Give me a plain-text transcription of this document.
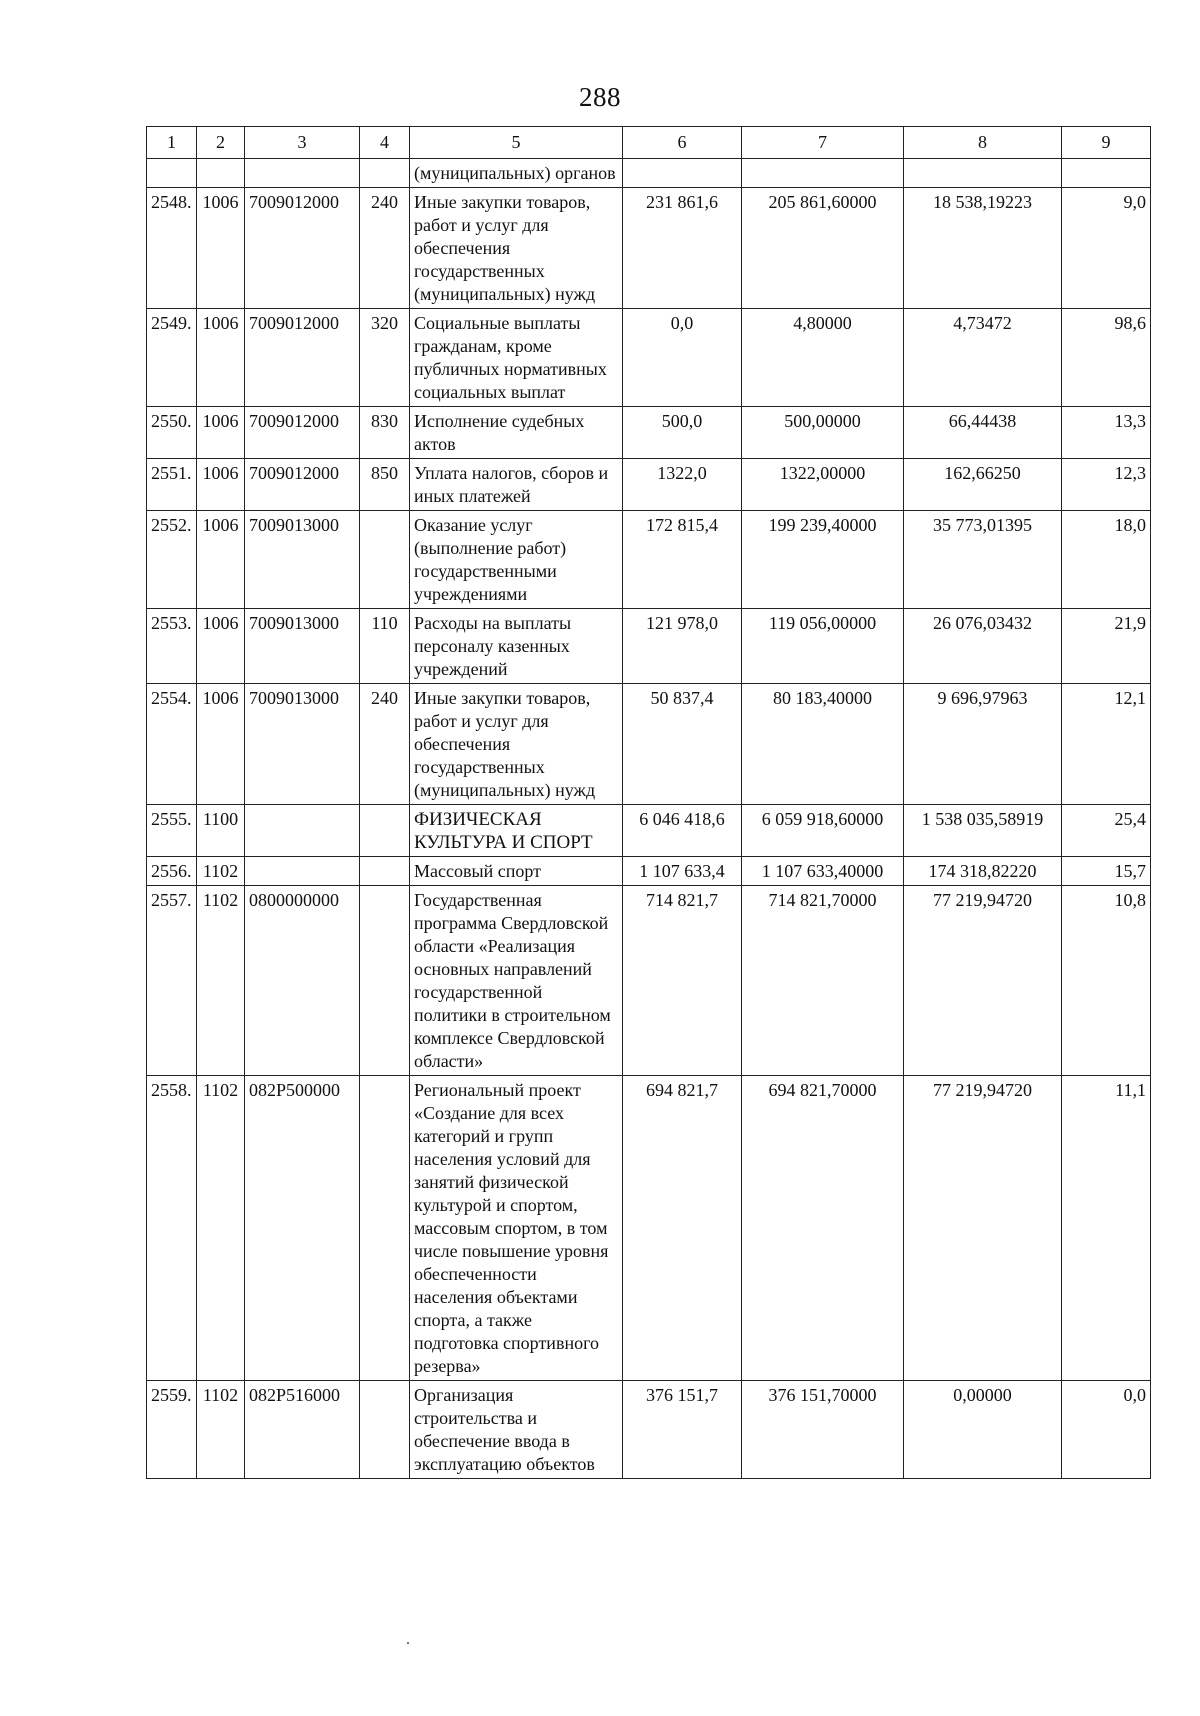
288
1	2	3	4	5	6	7	8	9
				(муниципальных) органов				
2548.	1006	7009012000	240	Иные закупки товаров, работ и услуг для обеспечения государственных (муниципальных) нужд	231 861,6	205 861,60000	18 538,19223	9,0
2549.	1006	7009012000	320	Социальные выплаты гражданам, кроме публичных нормативных социальных выплат	0,0	4,80000	4,73472	98,6
2550.	1006	7009012000	830	Исполнение судебных актов	500,0	500,00000	66,44438	13,3
2551.	1006	7009012000	850	Уплата налогов, сборов и иных платежей	1322,0	1322,00000	162,66250	12,3
2552.	1006	7009013000		Оказание услуг (выполнение работ) государственными учреждениями	172 815,4	199 239,40000	35 773,01395	18,0
2553.	1006	7009013000	110	Расходы на выплаты персоналу казенных учреждений	121 978,0	119 056,00000	26 076,03432	21,9
2554.	1006	7009013000	240	Иные закупки товаров, работ и услуг для обеспечения государственных (муниципальных) нужд	50 837,4	80 183,40000	9 696,97963	12,1
2555.	1100			ФИЗИЧЕСКАЯ КУЛЬТУРА И СПОРТ	6 046 418,6	6 059 918,60000	1 538 035,58919	25,4
2556.	1102			Массовый спорт	1 107 633,4	1 107 633,40000	174 318,82220	15,7
2557.	1102	0800000000		Государственная программа Свердловской области «Реализация основных направлений государственной политики в строительном комплексе Свердловской области»	714 821,7	714 821,70000	77 219,94720	10,8
2558.	1102	082P500000		Региональный проект «Создание для всех категорий и групп населения условий для занятий физической культурой и спортом, массовым спортом, в том числе повышение уровня обеспеченности населения объектами спорта, а также подготовка спортивного резерва»	694 821,7	694 821,70000	77 219,94720	11,1
2559.	1102	082P516000		Организация строительства и обеспечение ввода в эксплуатацию объектов	376 151,7	376 151,70000	0,00000	0,0
